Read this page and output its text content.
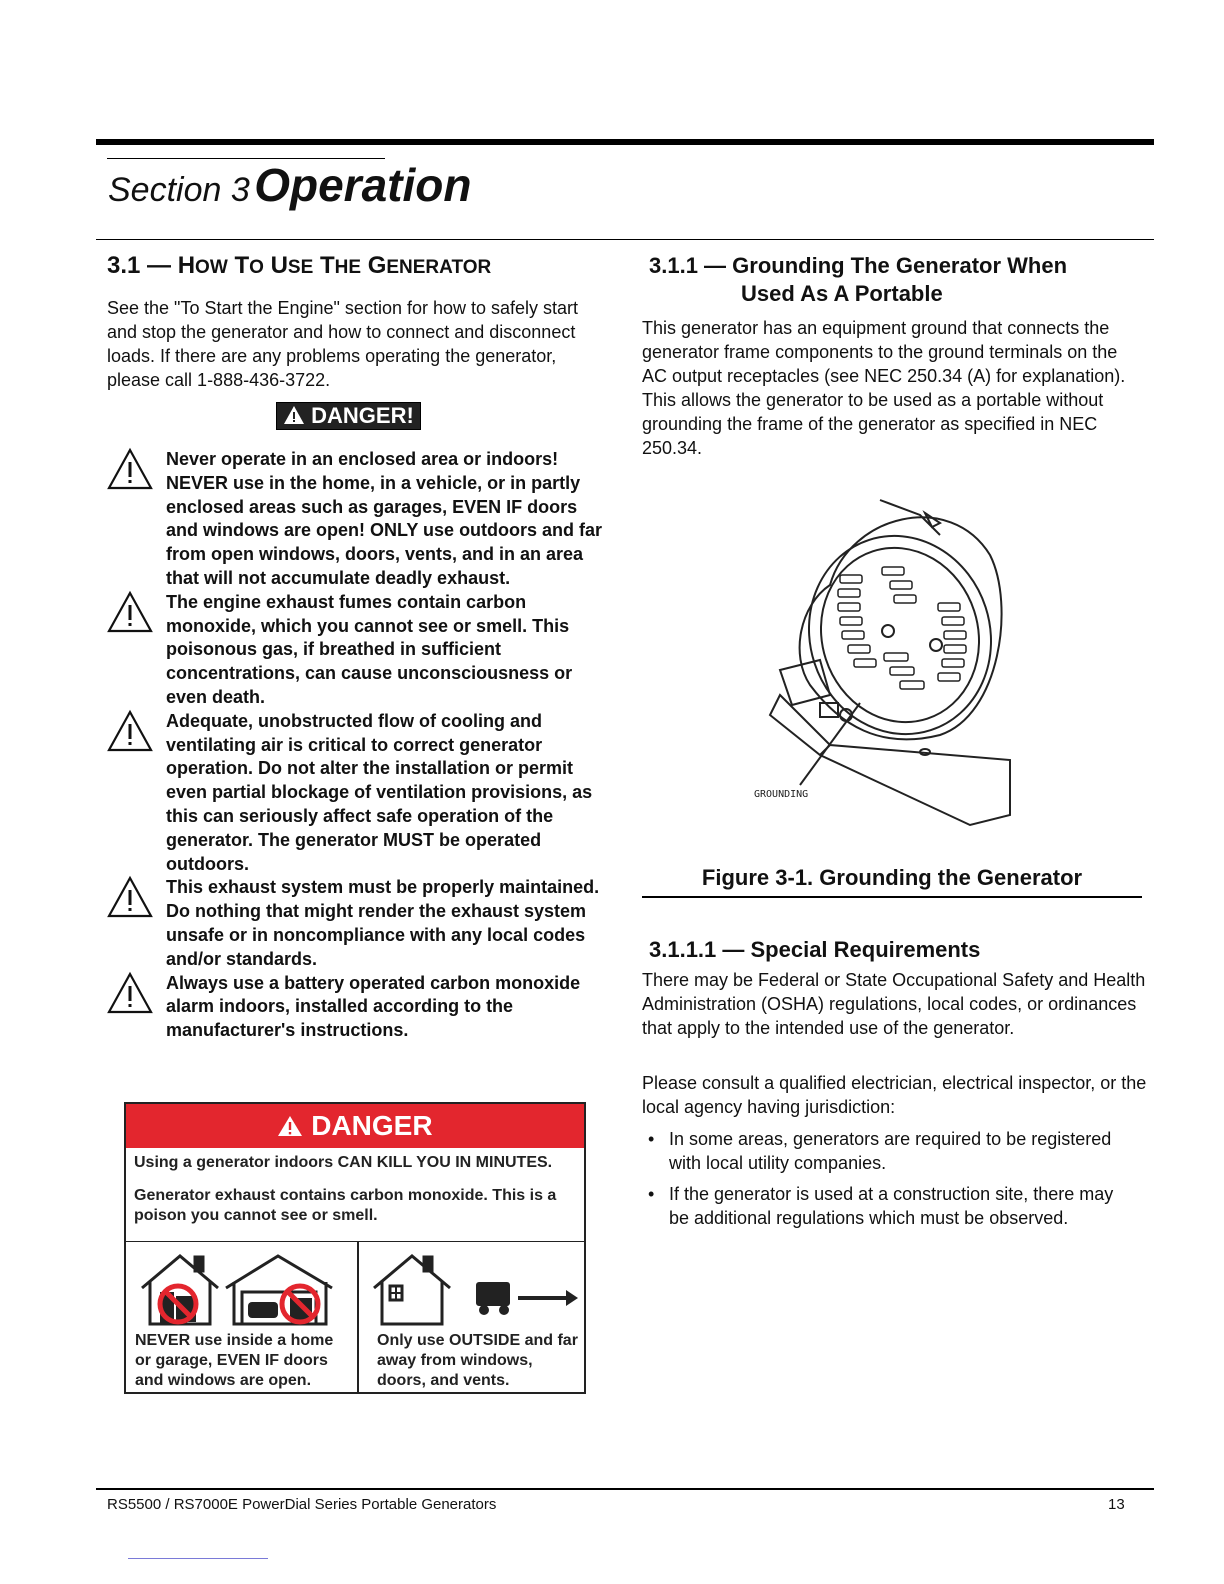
Section 3 Operation
3.1 — HOW TO USE THE GENERATOR

See the "To Start the Engine" section for how to safely start and stop the generator and how to connect and disconnect loads. If there are any problems operating the generator, please call 1-888-436-3722.

DANGER!
Never operate in an enclosed area or indoors! NEVER use in the home, in a vehicle, or in partly enclosed areas such as garages, EVEN IF doors and windows are open! ONLY use outdoors and far from open windows, doors, vents, and in an area that will not accumulate deadly exhaust.
The engine exhaust fumes contain carbon monoxide, which you cannot see or smell. This poisonous gas, if breathed in sufficient concentrations, can cause unconsciousness or even death.
Adequate, unobstructed flow of cooling and ventilating air is critical to correct generator operation. Do not alter the installation or permit even partial blockage of ventilation provisions, as this can seriously affect safe operation of the generator. The generator MUST be operated outdoors.
This exhaust system must be properly maintained. Do nothing that might render the exhaust system unsafe or in noncompliance with any local codes and/or standards.
Always use a battery operated carbon monoxide alarm indoors, installed according to the manufacturer's instructions.
DANGER
Using a generator indoors CAN KILL YOU IN MINUTES.
Generator exhaust contains carbon monoxide. This is a poison you cannot see or smell.
NEVER use inside a home or garage, EVEN IF doors and windows are open.
Only use OUTSIDE and far away from windows, doors, and vents.
3.1.1 — Grounding The Generator When
Used As A Portable

This generator has an equipment ground that connects the generator frame components to the ground terminals on the AC output receptacles (see NEC 250.34 (A) for explanation). This allows the generator to be used as a portable without grounding the frame of the generator as specified in NEC 250.34.

GROUNDING
Figure 3-1. Grounding the Generator
3.1.1.1 — Special Requirements

There may be Federal or State Occupational Safety and Health Administration (OSHA) regulations, local codes, or ordinances that apply to the intended use of the generator.

Please consult a qualified electrician, electrical inspector, or the local agency having jurisdiction:

• In some areas, generators are required to be registered with local utility companies.
• If the generator is used at a construction site, there may be additional regulations which must be observed.
RS5500 / RS7000E PowerDial Series Portable Generators	13
